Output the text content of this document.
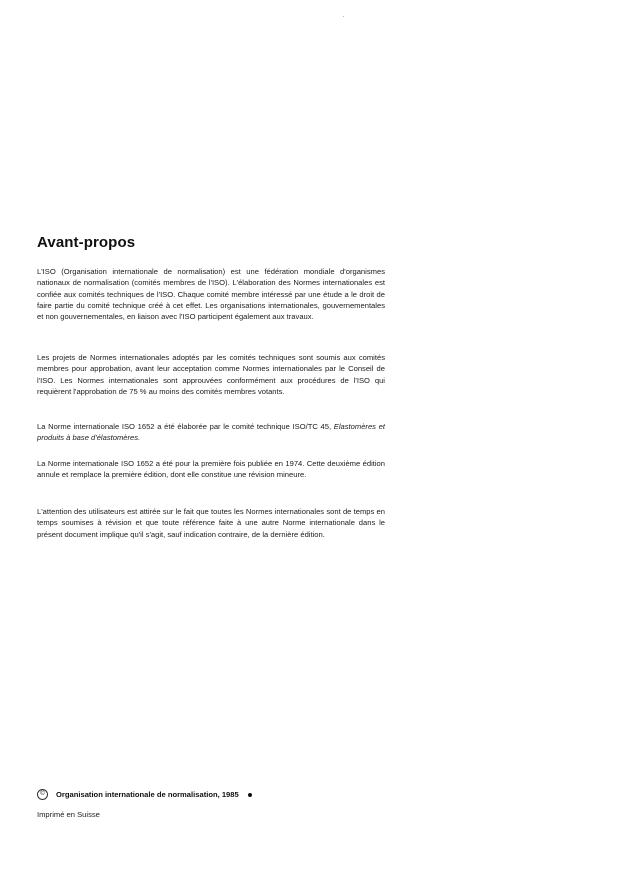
Avant-propos
L'ISO (Organisation internationale de normalisation) est une fédération mondiale d'organismes nationaux de normalisation (comités membres de l'ISO). L'élaboration des Normes internationales est confiée aux comités techniques de l'ISO. Chaque comité membre intéressé par une étude a le droit de faire partie du comité technique créé à cet effet. Les organisations internationales, gouvernementales et non gouvernementales, en liaison avec l'ISO participent également aux travaux.
Les projets de Normes internationales adoptés par les comités techniques sont soumis aux comités membres pour approbation, avant leur acceptation comme Normes internationales par le Conseil de l'ISO. Les Normes internationales sont approuvées conformément aux procédures de l'ISO qui requièrent l'approbation de 75 % au moins des comités membres votants.
La Norme internationale ISO 1652 a été élaborée par le comité technique ISO/TC 45, Elastomères et produits à base d'élastomères.
La Norme internationale ISO 1652 a été pour la première fois publiée en 1974. Cette deuxième édition annule et remplace la première édition, dont elle constitue une révision mineure.
L'attention des utilisateurs est attirée sur le fait que toutes les Normes internationales sont de temps en temps soumises à révision et que toute référence faite à une autre Norme internationale dans le présent document implique qu'il s'agit, sauf indication contraire, de la dernière édition.
©	Organisation internationale de normalisation, 1985
Imprimé en Suisse
